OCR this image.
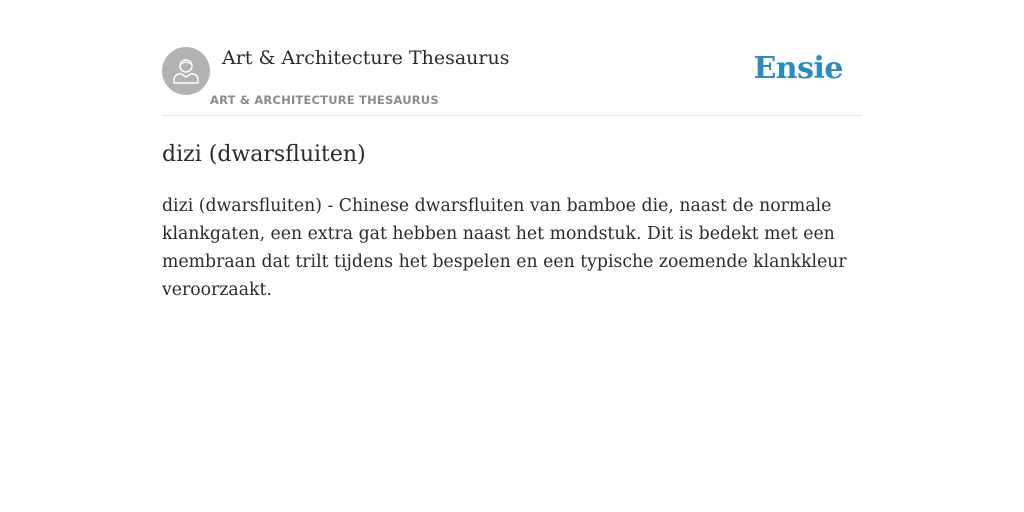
Art & Architecture Thesaurus
ART & ARCHITECTURE THESAURUS
Ensie
dizi (dwarsfluiten)

dizi (dwarsfluiten) - Chinese dwarsfluiten van bamboe die, naast de normale klankgaten, een extra gat hebben naast het mondstuk. Dit is bedekt met een membraan dat trilt tijdens het bespelen en een typische zoemende klankkleur veroorzaakt.
